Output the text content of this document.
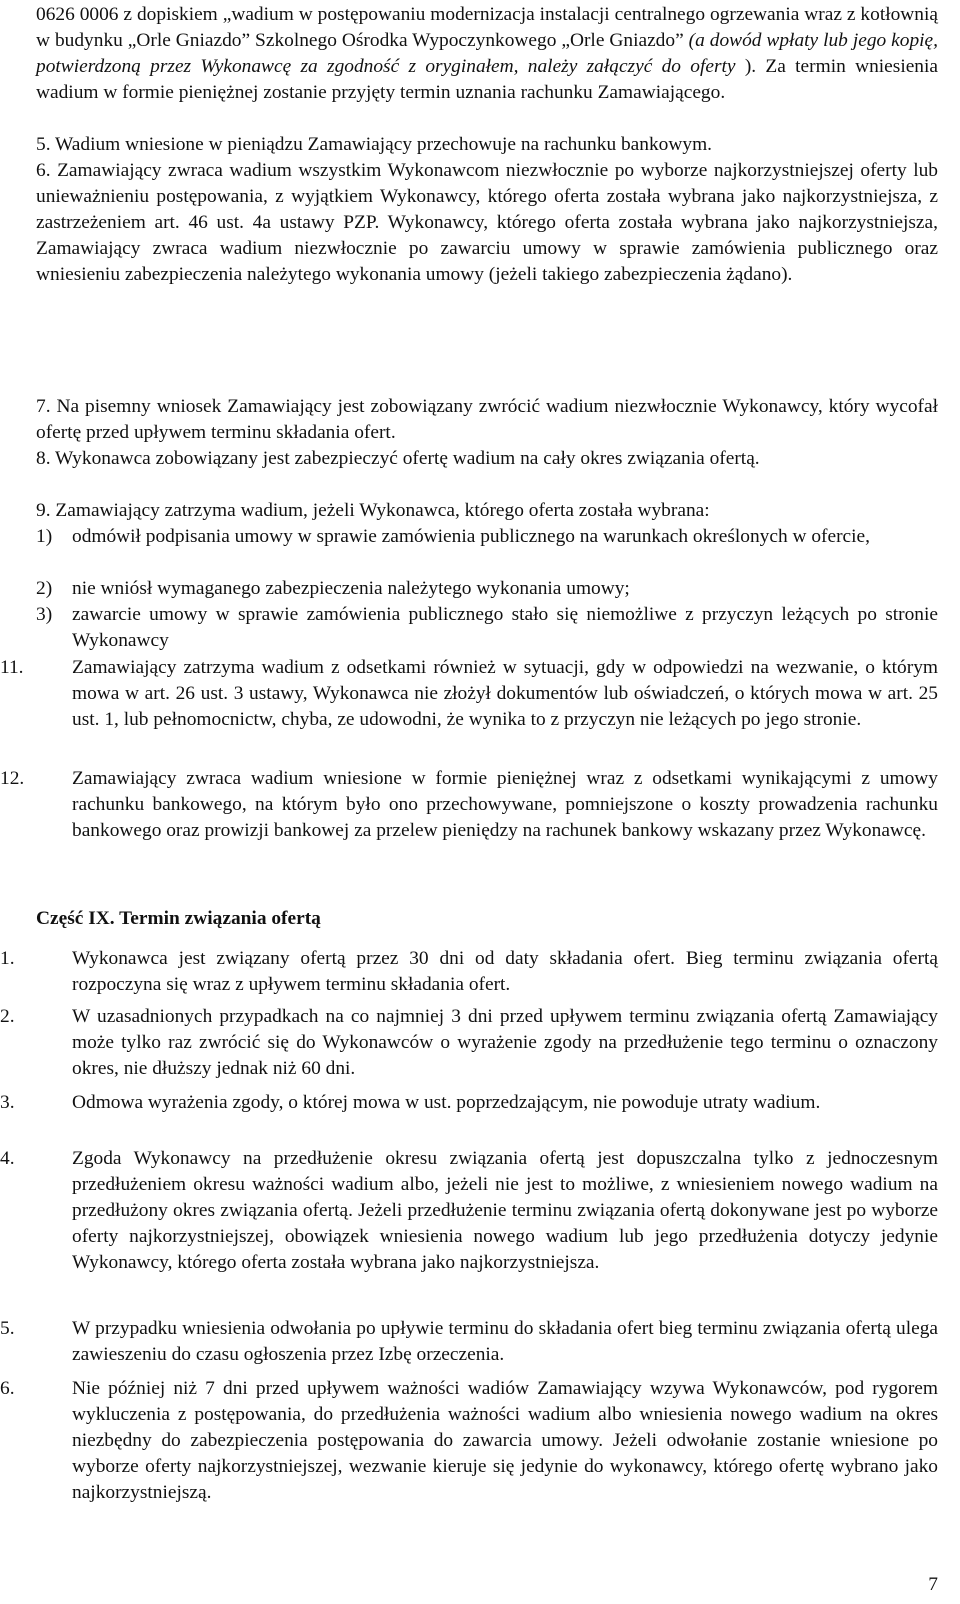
0626 0006 z dopiskiem „wadium w postępowaniu modernizacja instalacji centralnego ogrzewania wraz z kotłownią w budynku „Orle Gniazdo” Szkolnego Ośrodka Wypoczynkowego „Orle Gniazdo” (a dowód wpłaty lub jego kopię, potwierdzoną przez Wykonawcę za zgodność z oryginałem, należy załączyć do oferty ). Za termin wniesienia wadium w formie pieniężnej zostanie przyjęty termin uznania rachunku Zamawiającego.
5. Wadium wniesione w pieniądzu Zamawiający przechowuje na rachunku bankowym.
6. Zamawiający zwraca wadium wszystkim Wykonawcom niezwłocznie po wyborze najkorzystniejszej oferty lub unieważnieniu postępowania, z wyjątkiem Wykonawcy, którego oferta została wybrana jako najkorzystniejsza, z zastrzeżeniem art. 46 ust. 4a ustawy PZP. Wykonawcy, którego oferta została wybrana jako najkorzystniejsza, Zamawiający zwraca wadium niezwłocznie po zawarciu umowy w sprawie zamówienia publicznego oraz wniesieniu zabezpieczenia należytego wykonania umowy (jeżeli takiego zabezpieczenia żądano).
7. Na pisemny wniosek Zamawiający jest zobowiązany zwrócić wadium niezwłocznie Wykonawcy, który wycofał ofertę przed upływem terminu składania ofert.
8. Wykonawca zobowiązany jest zabezpieczyć ofertę wadium na cały okres związania ofertą.
9. Zamawiający zatrzyma wadium, jeżeli Wykonawca, którego oferta została wybrana:
1) odmówił podpisania umowy w sprawie zamówienia publicznego na warunkach określonych w ofercie,
2) nie wniósł wymaganego zabezpieczenia należytego wykonania umowy;
3) zawarcie umowy w sprawie zamówienia publicznego stało się niemożliwe z przyczyn leżących po stronie Wykonawcy
11. Zamawiający zatrzyma wadium z odsetkami również w sytuacji, gdy w odpowiedzi na wezwanie, o którym mowa w art. 26 ust. 3 ustawy, Wykonawca nie złożył dokumentów lub oświadczeń, o których mowa w art. 25 ust. 1, lub pełnomocnictw, chyba, ze udowodni, że wynika to z przyczyn nie leżących po jego stronie.
12. Zamawiający zwraca wadium wniesione w formie pieniężnej wraz z odsetkami wynikającymi z umowy rachunku bankowego, na którym było ono przechowywane, pomniejszone o koszty prowadzenia rachunku bankowego oraz prowizji bankowej za przelew pieniędzy na rachunek bankowy wskazany przez Wykonawcę.
Część IX. Termin związania ofertą
1.	Wykonawca jest związany ofertą przez 30 dni od daty składania ofert. Bieg terminu związania ofertą rozpoczyna się wraz z upływem terminu składania ofert.
2.	W uzasadnionych przypadkach na co najmniej 3 dni przed upływem terminu związania ofertą Zamawiający może tylko raz zwrócić się do Wykonawców o wyrażenie zgody na przedłużenie tego terminu o oznaczony okres, nie dłuższy jednak niż 60 dni.
3.	Odmowa wyrażenia zgody, o której mowa w ust. poprzedzającym, nie powoduje utraty wadium.
4.	Zgoda Wykonawcy na przedłużenie okresu związania ofertą jest dopuszczalna tylko z jednoczesnym przedłużeniem okresu ważności wadium albo, jeżeli nie jest to możliwe, z wniesieniem nowego wadium na przedłużony okres związania ofertą. Jeżeli przedłużenie terminu związania ofertą dokonywane jest po wyborze oferty najkorzystniejszej, obowiązek wniesienia nowego wadium lub jego przedłużenia dotyczy jedynie Wykonawcy, którego oferta została wybrana jako najkorzystniejsza.
5.	W przypadku wniesienia odwołania po upływie terminu do składania ofert bieg terminu związania ofertą ulega zawieszeniu do czasu ogłoszenia przez Izbę orzeczenia.
6.	Nie później niż 7 dni przed upływem ważności wadiów Zamawiający wzywa Wykonawców, pod rygorem wykluczenia z postępowania, do przedłużenia ważności wadium albo wniesienia nowego wadium na okres niezbędny do zabezpieczenia postępowania do zawarcia umowy. Jeżeli odwołanie zostanie wniesione po wyborze oferty najkorzystniejszej, wezwanie kieruje się jedynie do wykonawcy, którego ofertę wybrano jako najkorzystniejszą.
7
